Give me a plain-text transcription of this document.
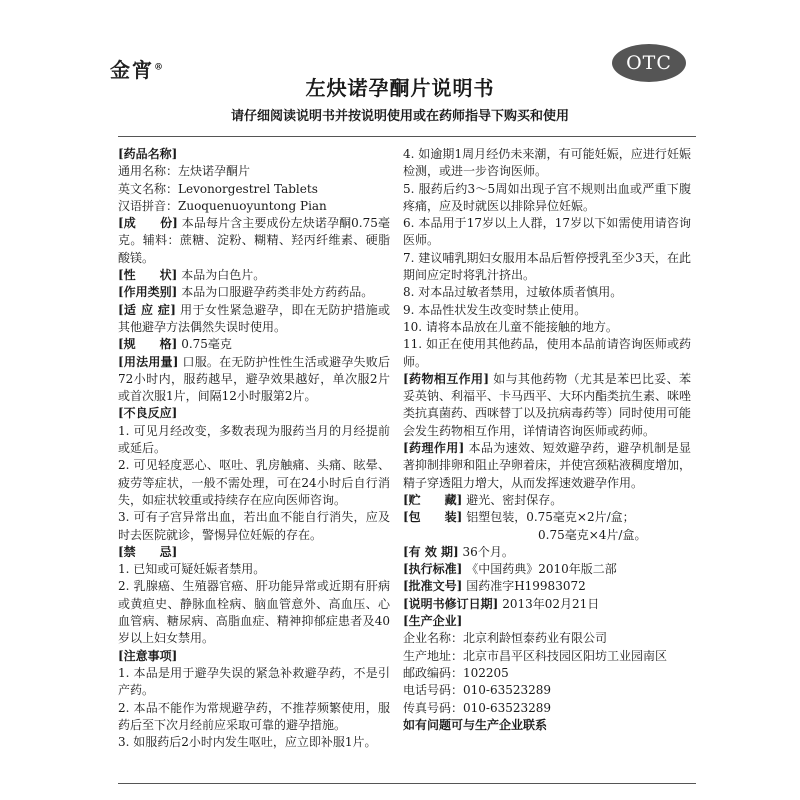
金宵®	OTC
左炔诺孕酮片说明书
请仔细阅读说明书并按说明使用或在药师指导下购买和使用

[药品名称]

通用名称：左炔诺孕酮片

英文名称：Levonorgestrel Tablets

汉语拼音：Zuoquenuoyuntong Pian

[成　　份] 本品每片含主要成份左炔诺孕酮0.75毫克。辅料：蔗糖、淀粉、糊精、羟丙纤维素、硬脂酸镁。

[性　　状] 本品为白色片。

[作用类别] 本品为口服避孕药类非处方药药品。

[适 应 症] 用于女性紧急避孕，即在无防护措施或其他避孕方法偶然失误时使用。

[规　　格] 0.75毫克

[用法用量] 口服。在无防护性性生活或避孕失败后72小时内，服药越早，避孕效果越好，单次服2片或首次服1片，间隔12小时服第2片。

[不良反应]

1. 可见月经改变，多数表现为服药当月的月经提前或延后。

2. 可见轻度恶心、呕吐、乳房触痛、头痛、眩晕、疲劳等症状，一般不需处理，可在24小时后自行消失，如症状较重或持续存在应向医师咨询。

3. 可有子宫异常出血，若出血不能自行消失，应及时去医院就诊，警惕异位妊娠的存在。

[禁　　忌]

1. 已知或可疑妊娠者禁用。

2. 乳腺癌、生殖器官癌、肝功能异常或近期有肝病或黄疸史、静脉血栓病、脑血管意外、高血压、心血管病、糖尿病、高脂血症、精神抑郁症患者及40岁以上妇女禁用。

[注意事项]

1. 本品是用于避孕失误的紧急补救避孕药，不是引产药。

2. 本品不能作为常规避孕药，不推荐频繁使用，服药后至下次月经前应采取可靠的避孕措施。

3. 如服药后2小时内发生呕吐，应立即补服1片。

4. 如逾期1周月经仍未来潮，有可能妊娠，应进行妊娠检测，或进一步咨询医师。

5. 服药后约3～5周如出现子宫不规则出血或严重下腹疼痛，应及时就医以排除异位妊娠。

6. 本品用于17岁以上人群，17岁以下如需使用请咨询医师。

7. 建议哺乳期妇女服用本品后暂停授乳至少3天，在此期间应定时将乳汁挤出。

8. 对本品过敏者禁用，过敏体质者慎用。

9. 本品性状发生改变时禁止使用。

10. 请将本品放在儿童不能接触的地方。

11. 如正在使用其他药品，使用本品前请咨询医师或药师。

[药物相互作用] 如与其他药物（尤其是苯巴比妥、苯妥英钠、利福平、卡马西平、大环内酯类抗生素、咪唑类抗真菌药、西咪替丁以及抗病毒药等）同时使用可能会发生药物相互作用，详情请咨询医师或药师。

[药理作用] 本品为速效、短效避孕药，避孕机制是显著抑制排卵和阻止孕卵着床，并使宫颈粘液稠度增加，精子穿透阻力增大，从而发挥速效避孕作用。

[贮　　藏] 避光、密封保存。

[包　　装] 铝塑包装，0.75毫克×2片/盒；

0.75毫克×4片/盒。

[有 效 期] 36个月。

[执行标准] 《中国药典》2010年版二部

[批准文号] 国药准字H19983072

[说明书修订日期] 2013年02月21日

[生产企业]

企业名称：北京利龄恒泰药业有限公司

生产地址：北京市昌平区科技园区阳坊工业园南区

邮政编码：102205

电话号码：010-63523289

传真号码：010-63523289

如有问题可与生产企业联系
